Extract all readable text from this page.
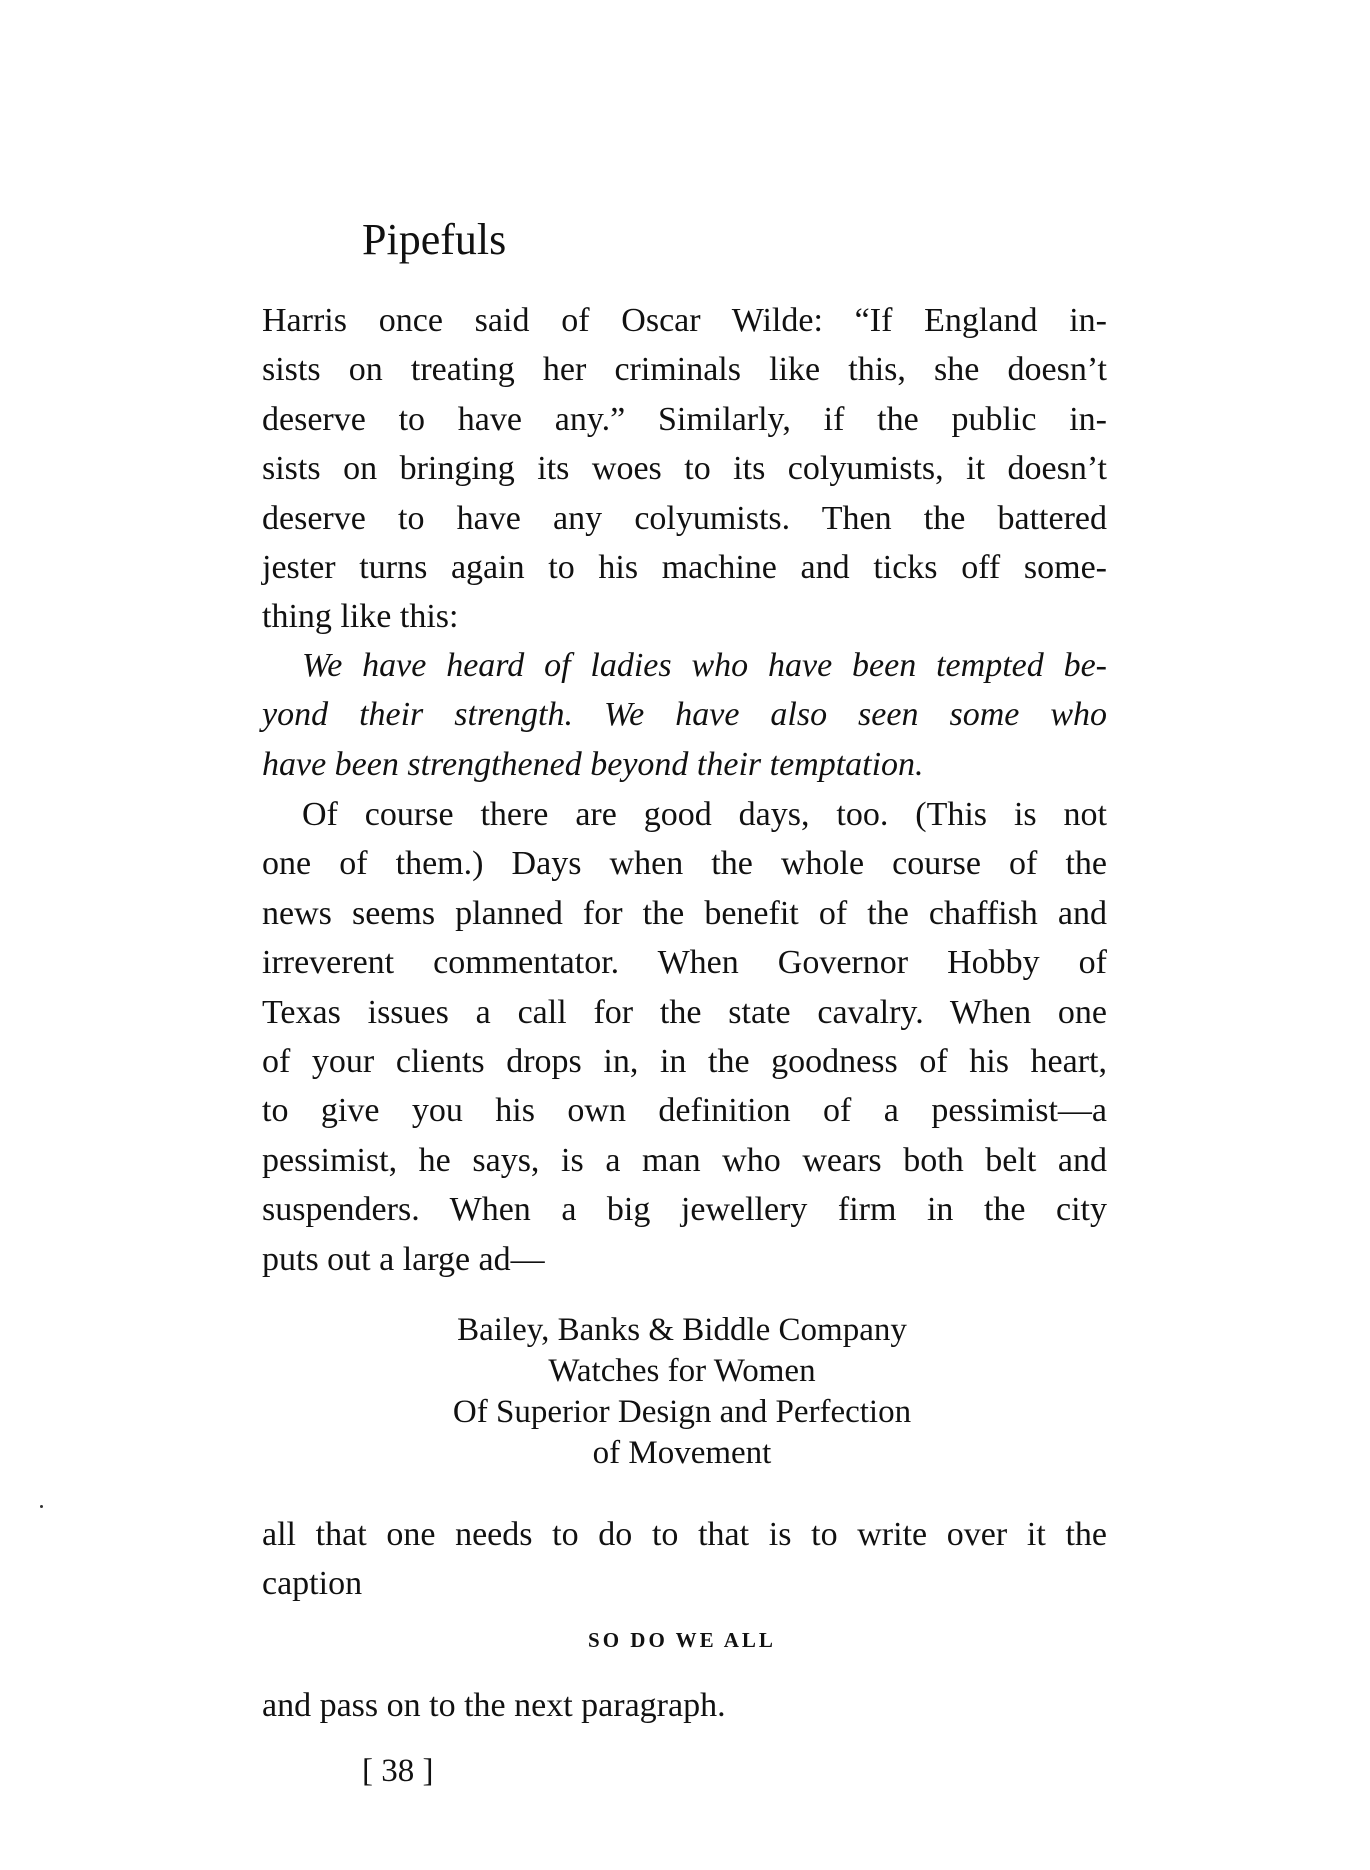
Pipefuls
Harris once said of Oscar Wilde: “If England in-
sists on treating her criminals like this, she doesn’t
deserve to have any.” Similarly, if the public in-
sists on bringing its woes to its colyumists, it doesn’t
deserve to have any colyumists. Then the battered
jester turns again to his machine and ticks off some-
thing like this:
We have heard of ladies who have been tempted be-
yond their strength. We have also seen some who
have been strengthened beyond their temptation.
Of course there are good days, too. (This is not
one of them.) Days when the whole course of the
news seems planned for the benefit of the chaffish and
irreverent commentator. When Governor Hobby of
Texas issues a call for the state cavalry. When one
of your clients drops in, in the goodness of his heart,
to give you his own definition of a pessimist—a
pessimist, he says, is a man who wears both belt and
suspenders. When a big jewellery firm in the city
puts out a large ad—
Bailey, Banks & Biddle Company
Watches for Women
Of Superior Design and Perfection
of Movement
all that one needs to do to that is to write over it the
caption
SO DO WE ALL
and pass on to the next paragraph.
[ 38 ]
